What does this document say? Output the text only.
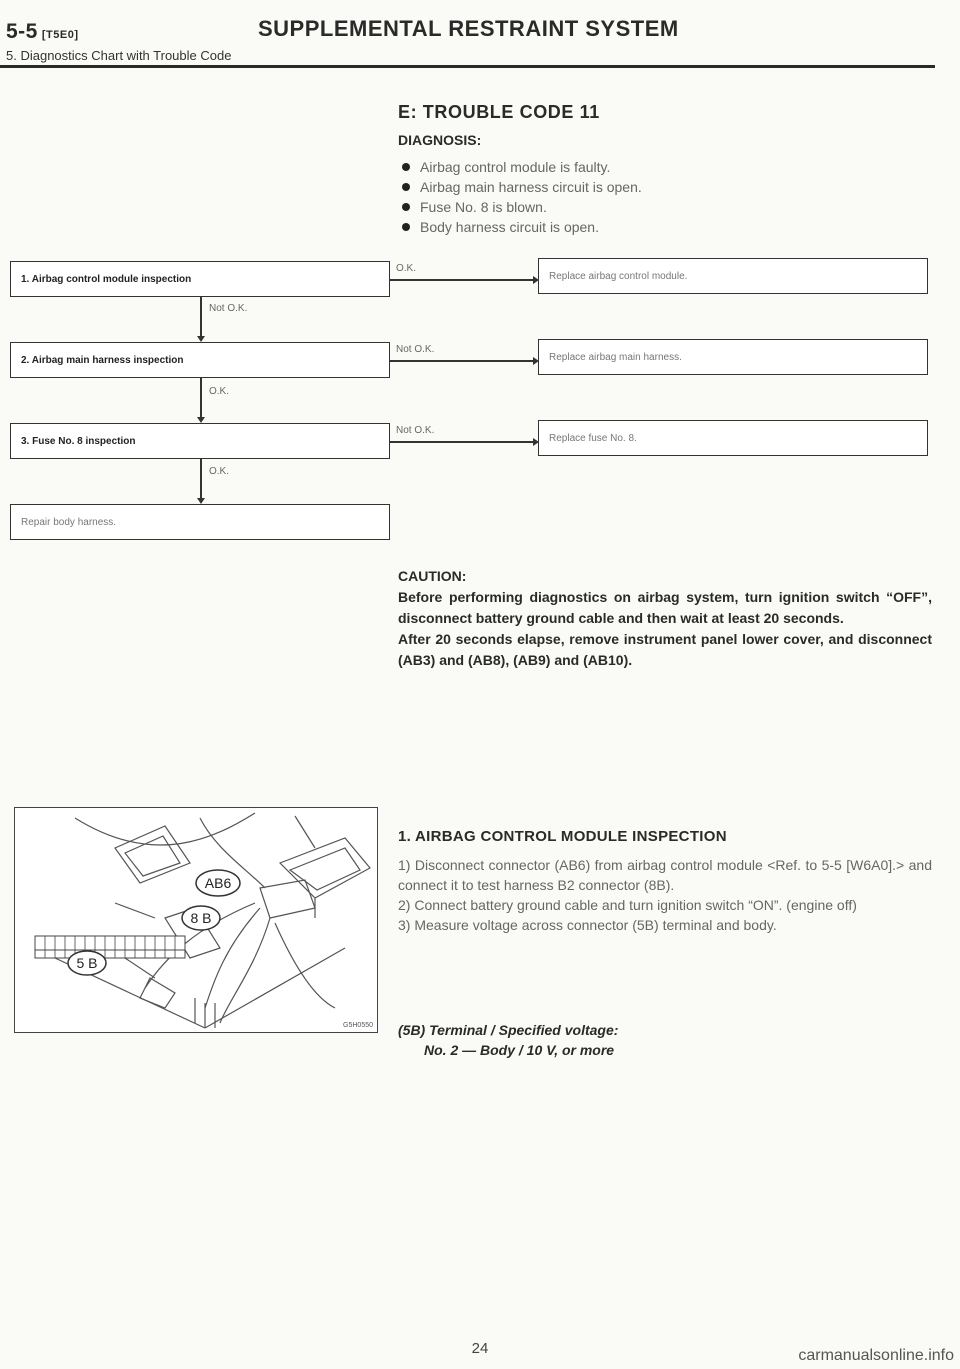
5-5 [T5E0]	SUPPLEMENTAL RESTRAINT SYSTEM
5. Diagnostics Chart with Trouble Code
E: TROUBLE CODE 11
DIAGNOSIS:
Airbag control module is faulty.
Airbag main harness circuit is open.
Fuse No. 8 is blown.
Body harness circuit is open.
1. Airbag control module inspection
2. Airbag main harness inspection
3. Fuse No. 8 inspection
Repair body harness.
Not O.K.
O.K.
O.K.
O.K.
Not O.K.
Not O.K.
Replace airbag control module.
Replace airbag main harness.
Replace fuse No. 8.
CAUTION:
Before performing diagnostics on airbag system, turn ignition switch “OFF”, disconnect battery ground cable and then wait at least 20 seconds.
After 20 seconds elapse, remove instrument panel lower cover, and disconnect (AB3) and (AB8), (AB9) and (AB10).
AB6
8 B
5 B
G5H0550
1. AIRBAG CONTROL MODULE INSPECTION
1) Disconnect connector (AB6) from airbag control module <Ref. to 5-5 [W6A0].> and connect it to test harness B2 connector (8B).
2) Connect battery ground cable and turn ignition switch “ON”. (engine off)
3) Measure voltage across connector (5B) terminal and body.
(5B) Terminal / Specified voltage:
No. 2 — Body / 10 V, or more
24	carmanualsonline.info
